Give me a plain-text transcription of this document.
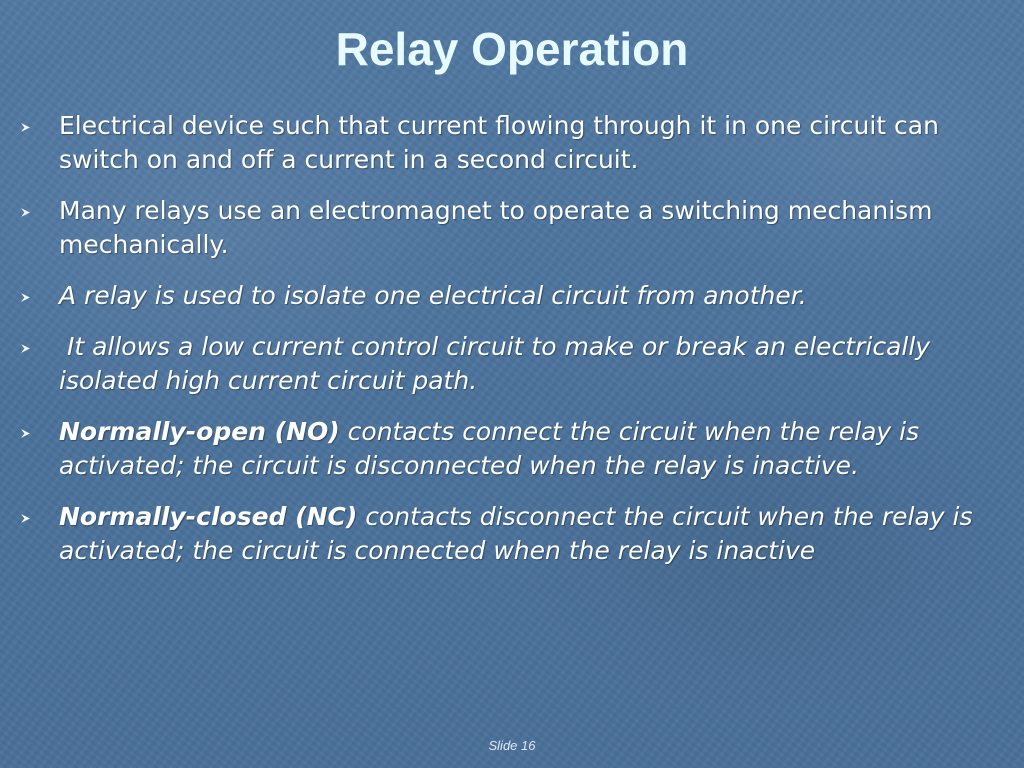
Relay Operation
Electrical device such that current flowing through it in one circuit can switch on and off a current in a second circuit.
Many relays use an electromagnet to operate a switching mechanism mechanically.
A relay is used to isolate one electrical circuit from another.
It allows a low current control circuit to make or break an electrically isolated high current circuit path.
Normally-open (NO) contacts connect the circuit when the relay is activated; the circuit is disconnected when the relay is inactive.
Normally-closed (NC) contacts disconnect the circuit when the relay is activated; the circuit is connected when the relay is inactive
Slide 16
